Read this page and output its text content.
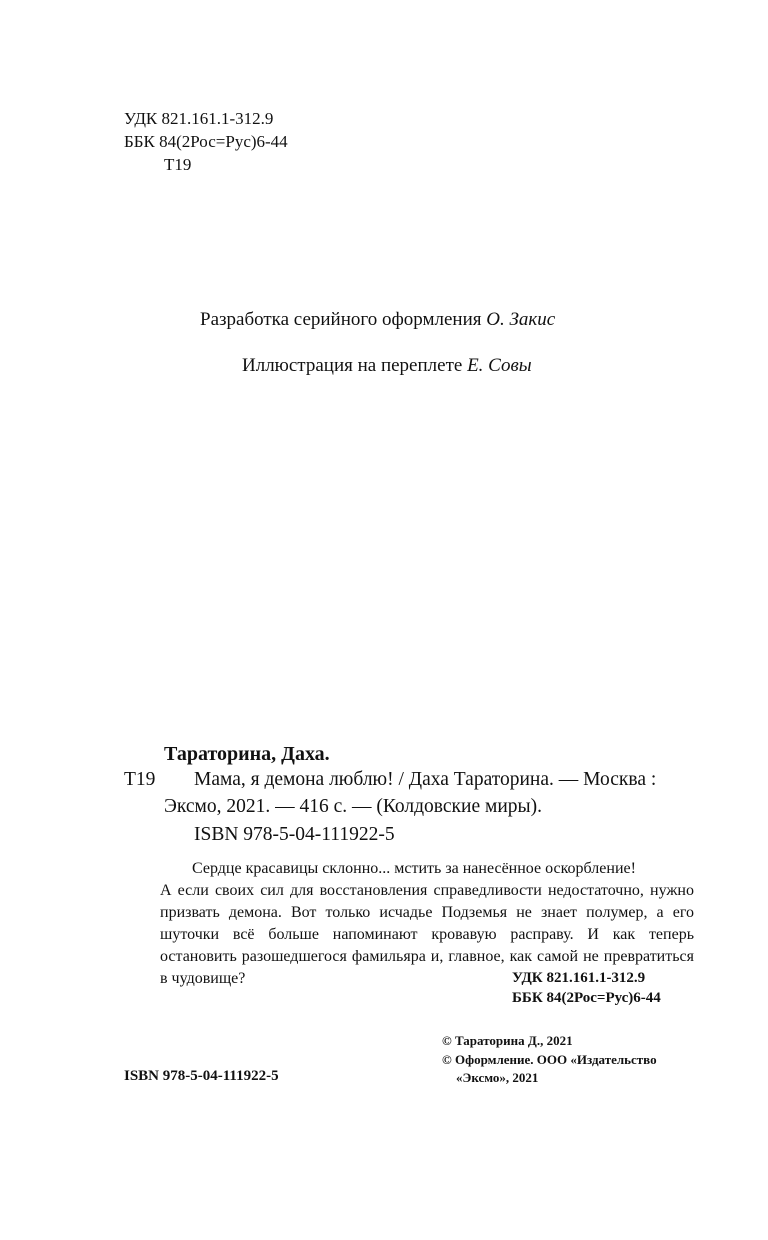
УДК 821.161.1-312.9
ББК 84(2Рос=Рус)6-44
Т19
Разработка серийного оформления О. Закис
Иллюстрация на переплете Е. Совы
Тараторина, Даха.
Т19 Мама, я демона люблю! / Даха Тараторина. — Москва :
Эксмо, 2021. — 416 с. — (Колдовские миры).
ISBN 978-5-04-111922-5
Сердце красавицы склонно... мстить за нанесённое оскорбление!
А если своих сил для восстановления справедливости недостаточно, нужно призвать демона. Вот только исчадье Подземья не знает полумер, а его шуточки всё больше напоминают кровавую расправу. И как теперь остановить разошедшегося фамильяра и, главное, как самой не превратиться в чудовище?	УДК 821.161.1-312.9
ББК 84(2Рос=Рус)6-44
ISBN 978-5-04-111922-5
© Тараторина Д., 2021
© Оформление. ООО «Издательство
«Эксмо», 2021
